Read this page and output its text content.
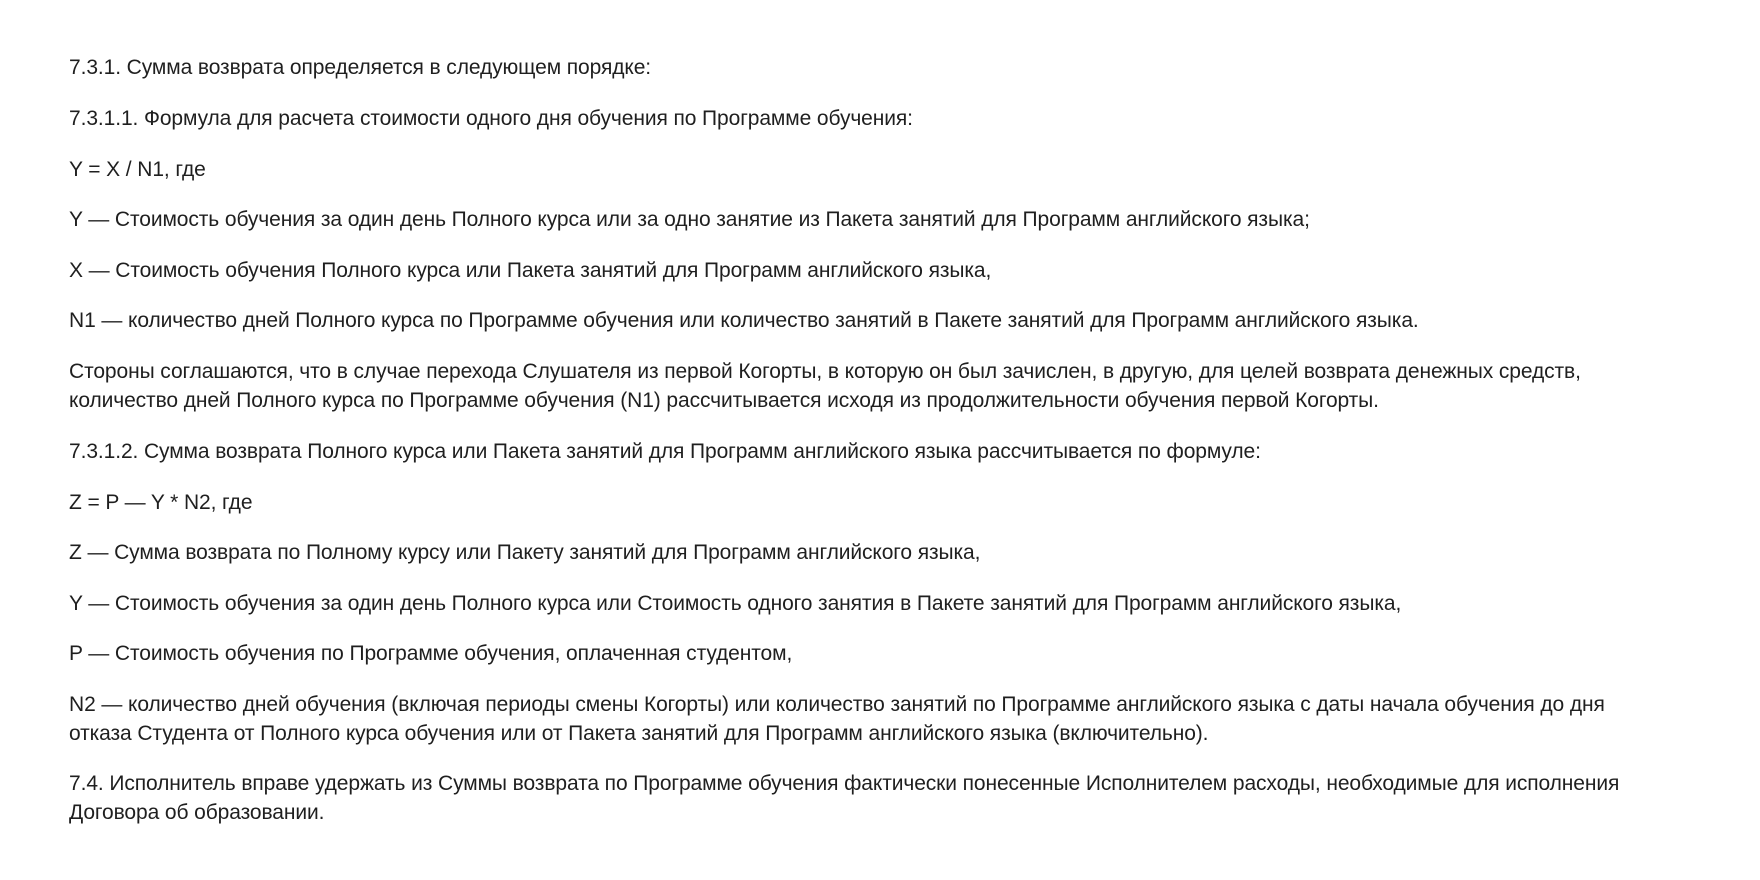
7.3.1. Сумма возврата определяется в следующем порядке:

7.3.1.1. Формула для расчета стоимости одного дня обучения по Программе обучения:

Y = X / N1, где

Y — Стоимость обучения за один день Полного курса или за одно занятие из Пакета занятий для Программ английского языка;

X — Стоимость обучения Полного курса или Пакета занятий для Программ английского языка,

N1 — количество дней Полного курса по Программе обучения или количество занятий в Пакете занятий для Программ английского языка.

Стороны соглашаются, что в случае перехода Слушателя из первой Когорты, в которую он был зачислен, в другую, для целей возврата денежных средств,
количество дней Полного курса по Программе обучения (N1) рассчитывается исходя из продолжительности обучения первой Когорты.

7.3.1.2. Сумма возврата Полного курса или Пакета занятий для Программ английского языка рассчитывается по формуле:

Z = P — Y * N2, где

Z — Сумма возврата по Полному курсу или Пакету занятий для Программ английского языка,

Y — Стоимость обучения за один день Полного курса или Стоимость одного занятия в Пакете занятий для Программ английского языка,

P — Стоимость обучения по Программе обучения, оплаченная студентом,

N2 — количество дней обучения (включая периоды смены Когорты) или количество занятий по Программе английского языка с даты начала обучения до дня
отказа Студента от Полного курса обучения или от Пакета занятий для Программ английского языка (включительно).

7.4. Исполнитель вправе удержать из Суммы возврата по Программе обучения фактически понесенные Исполнителем расходы, необходимые для исполнения
Договора об образовании.
